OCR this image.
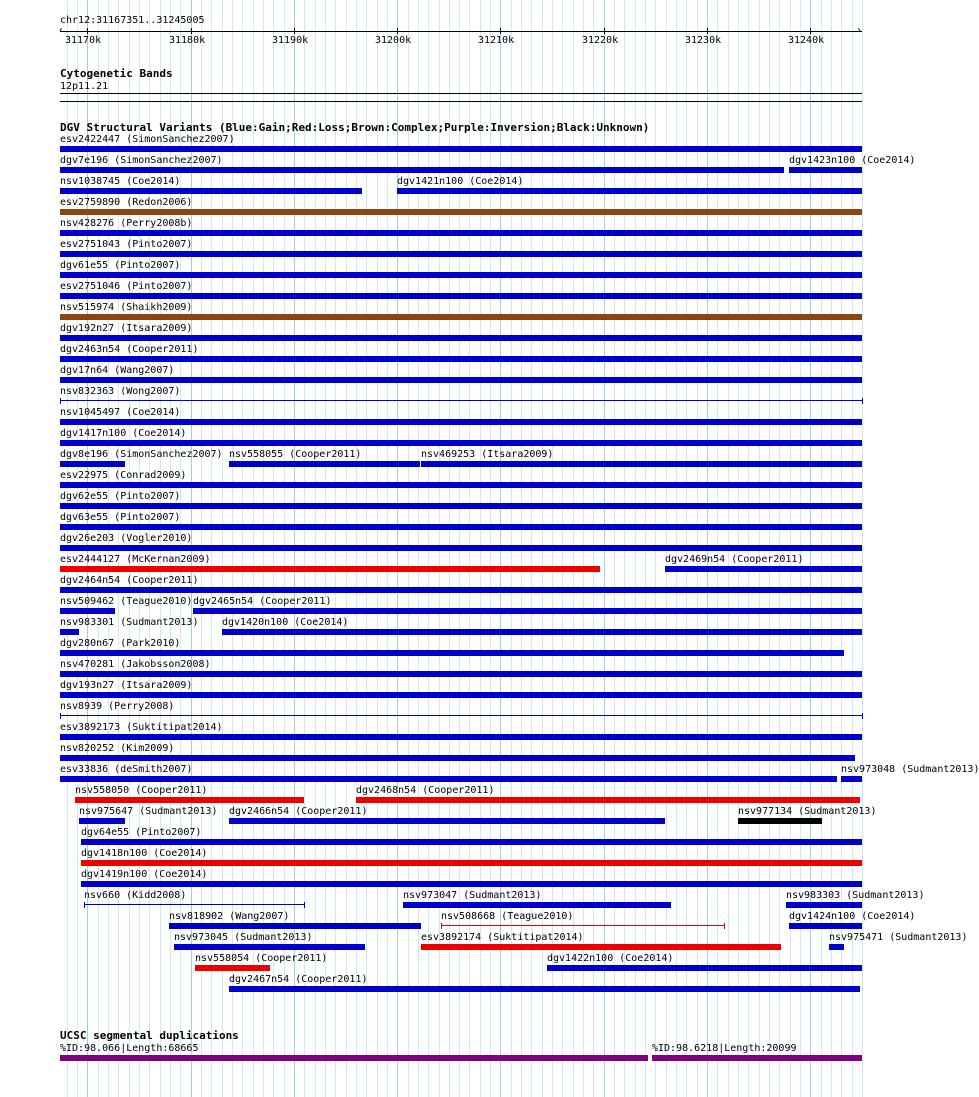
chr12:31167351..31245005
31170k	31180k	31190k	31200k	31210k	31220k	31230k	31240k
‹	›
Cytogenetic Bands
12p11.21
DGV Structural Variants (Blue:Gain;Red:Loss;Brown:Complex;Purple:Inversion;Black:Unknown)
esv2422447 (SimonSanchez2007)
dgv7e196 (SimonSanchez2007)	dgv1423n100 (Coe2014)
nsv1038745 (Coe2014)	dgv1421n100 (Coe2014)
esv2759890 (Redon2006)
nsv428276 (Perry2008b)
esv2751043 (Pinto2007)
dgv61e55 (Pinto2007)
esv2751046 (Pinto2007)
nsv515974 (Shaikh2009)
dgv192n27 (Itsara2009)
dgv2463n54 (Cooper2011)
dgv17n64 (Wang2007)
nsv832363 (Wong2007)
nsv1045497 (Coe2014)
dgv1417n100 (Coe2014)
dgv8e196 (SimonSanchez2007) nsv558055 (Cooper2011)	nsv469253 (Itsara2009)
esv22975 (Conrad2009)
dgv62e55 (Pinto2007)
dgv63e55 (Pinto2007)
dgv26e203 (Vogler2010)
esv2444127 (McKernan2009)	dgv2469n54 (Cooper2011)
dgv2464n54 (Cooper2011)
nsv509462 (Teague2010) dgv2465n54 (Cooper2011)
nsv983301 (Sudmant2013) dgv1420n100 (Coe2014)
dgv280n67 (Park2010)
nsv470281 (Jakobsson2008)
dgv193n27 (Itsara2009)
nsv8939 (Perry2008)
esv3892173 (Suktitipat2014)
nsv820252 (Kim2009)
esv33836 (deSmith2007)	nsv973048 (Sudmant2013)
nsv558050 (Cooper2011)	dgv2468n54 (Cooper2011)
nsv975647 (Sudmant2013) dgv2466n54 (Cooper2011)	nsv977134 (Sudmant2013)
dgv64e55 (Pinto2007)
dgv1418n100 (Coe2014)
dgv1419n100 (Coe2014)
nsv660 (Kidd2008)	nsv973047 (Sudmant2013)	nsv983303 (Sudmant2013)
nsv818902 (Wang2007)	nsv508668 (Teague2010)	dgv1424n100 (Coe2014)
nsv973045 (Sudmant2013)	esv3892174 (Suktitipat2014)	nsv975471 (Sudmant2013)
nsv558054 (Cooper2011)	dgv1422n100 (Coe2014)
dgv2467n54 (Cooper2011)
UCSC segmental duplications
%ID:98.066|Length:68665	%ID:98.6218|Length:20099
